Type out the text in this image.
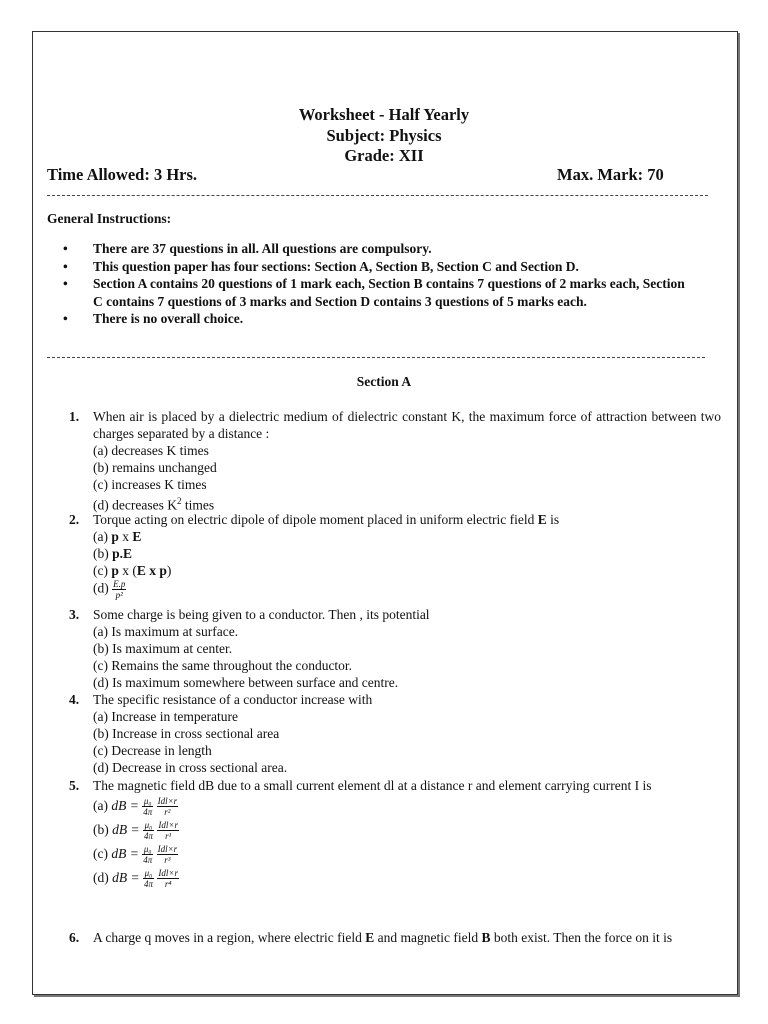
Worksheet - Half Yearly
Subject: Physics
Grade: XII
Time Allowed: 3 Hrs.	Max. Mark: 70
General Instructions:
• There are 37 questions in all. All questions are compulsory.
• This question paper has four sections: Section A, Section B, Section C and Section D.
• Section A contains 20 questions of 1 mark each, Section B contains 7 questions of 2 marks each, Section C contains 7 questions of 3 marks and Section D contains 3 questions of 5 marks each.
• There is no overall choice.
Section A
1. When air is placed by a dielectric medium of dielectric constant K, the maximum force of attraction between two charges separated by a distance :
(a) decreases K times
(b) remains unchanged
(c) increases K times
(d) decreases $K^2$ times
2. Torque acting on electric dipole of dipole moment placed in uniform electric field E is
(a) p x E
(b) p.E
(c) p x (E x p)
$(d) \frac{E.p}{\text{p²}}$
3. Some charge is being given to a conductor. Then , its potential
(a) Is maximum at surface.
(b) Is maximum at center.
(c) Remains the same throughout the conductor.
(d) Is maximum somewhere between surface and centre.
4. The specific resistance of a conductor increase with
(a) Increase in temperature
(b) Increase in cross sectional area
(c) Decrease in length
(d) Decrease in cross sectional area.
5. The magnetic field dB due to a small current element dl at a distance r and element carrying current I is
(a) dB = $\frac{\text{μ₀}}{4\pi}$
$\frac{\text{Idl×r}}{\text{r²}}$
(b) dB = $\frac{\text{μ₀}}{4\pi}$
$\frac{\text{Idl×r}}{\text{r¹}}$
(c) dB = $\frac{\text{μ₀}}{4\pi}$
$\frac{\text{Idl×r}}{\text{r³}}$
(d) dB = $\frac{\text{μ₀}}{4\pi}$
$\frac{\text{Idl×r}}{\text{r⁴}}$
6. A charge q moves in a region, where electric field E and magnetic field B both exist. Then the force on it is
